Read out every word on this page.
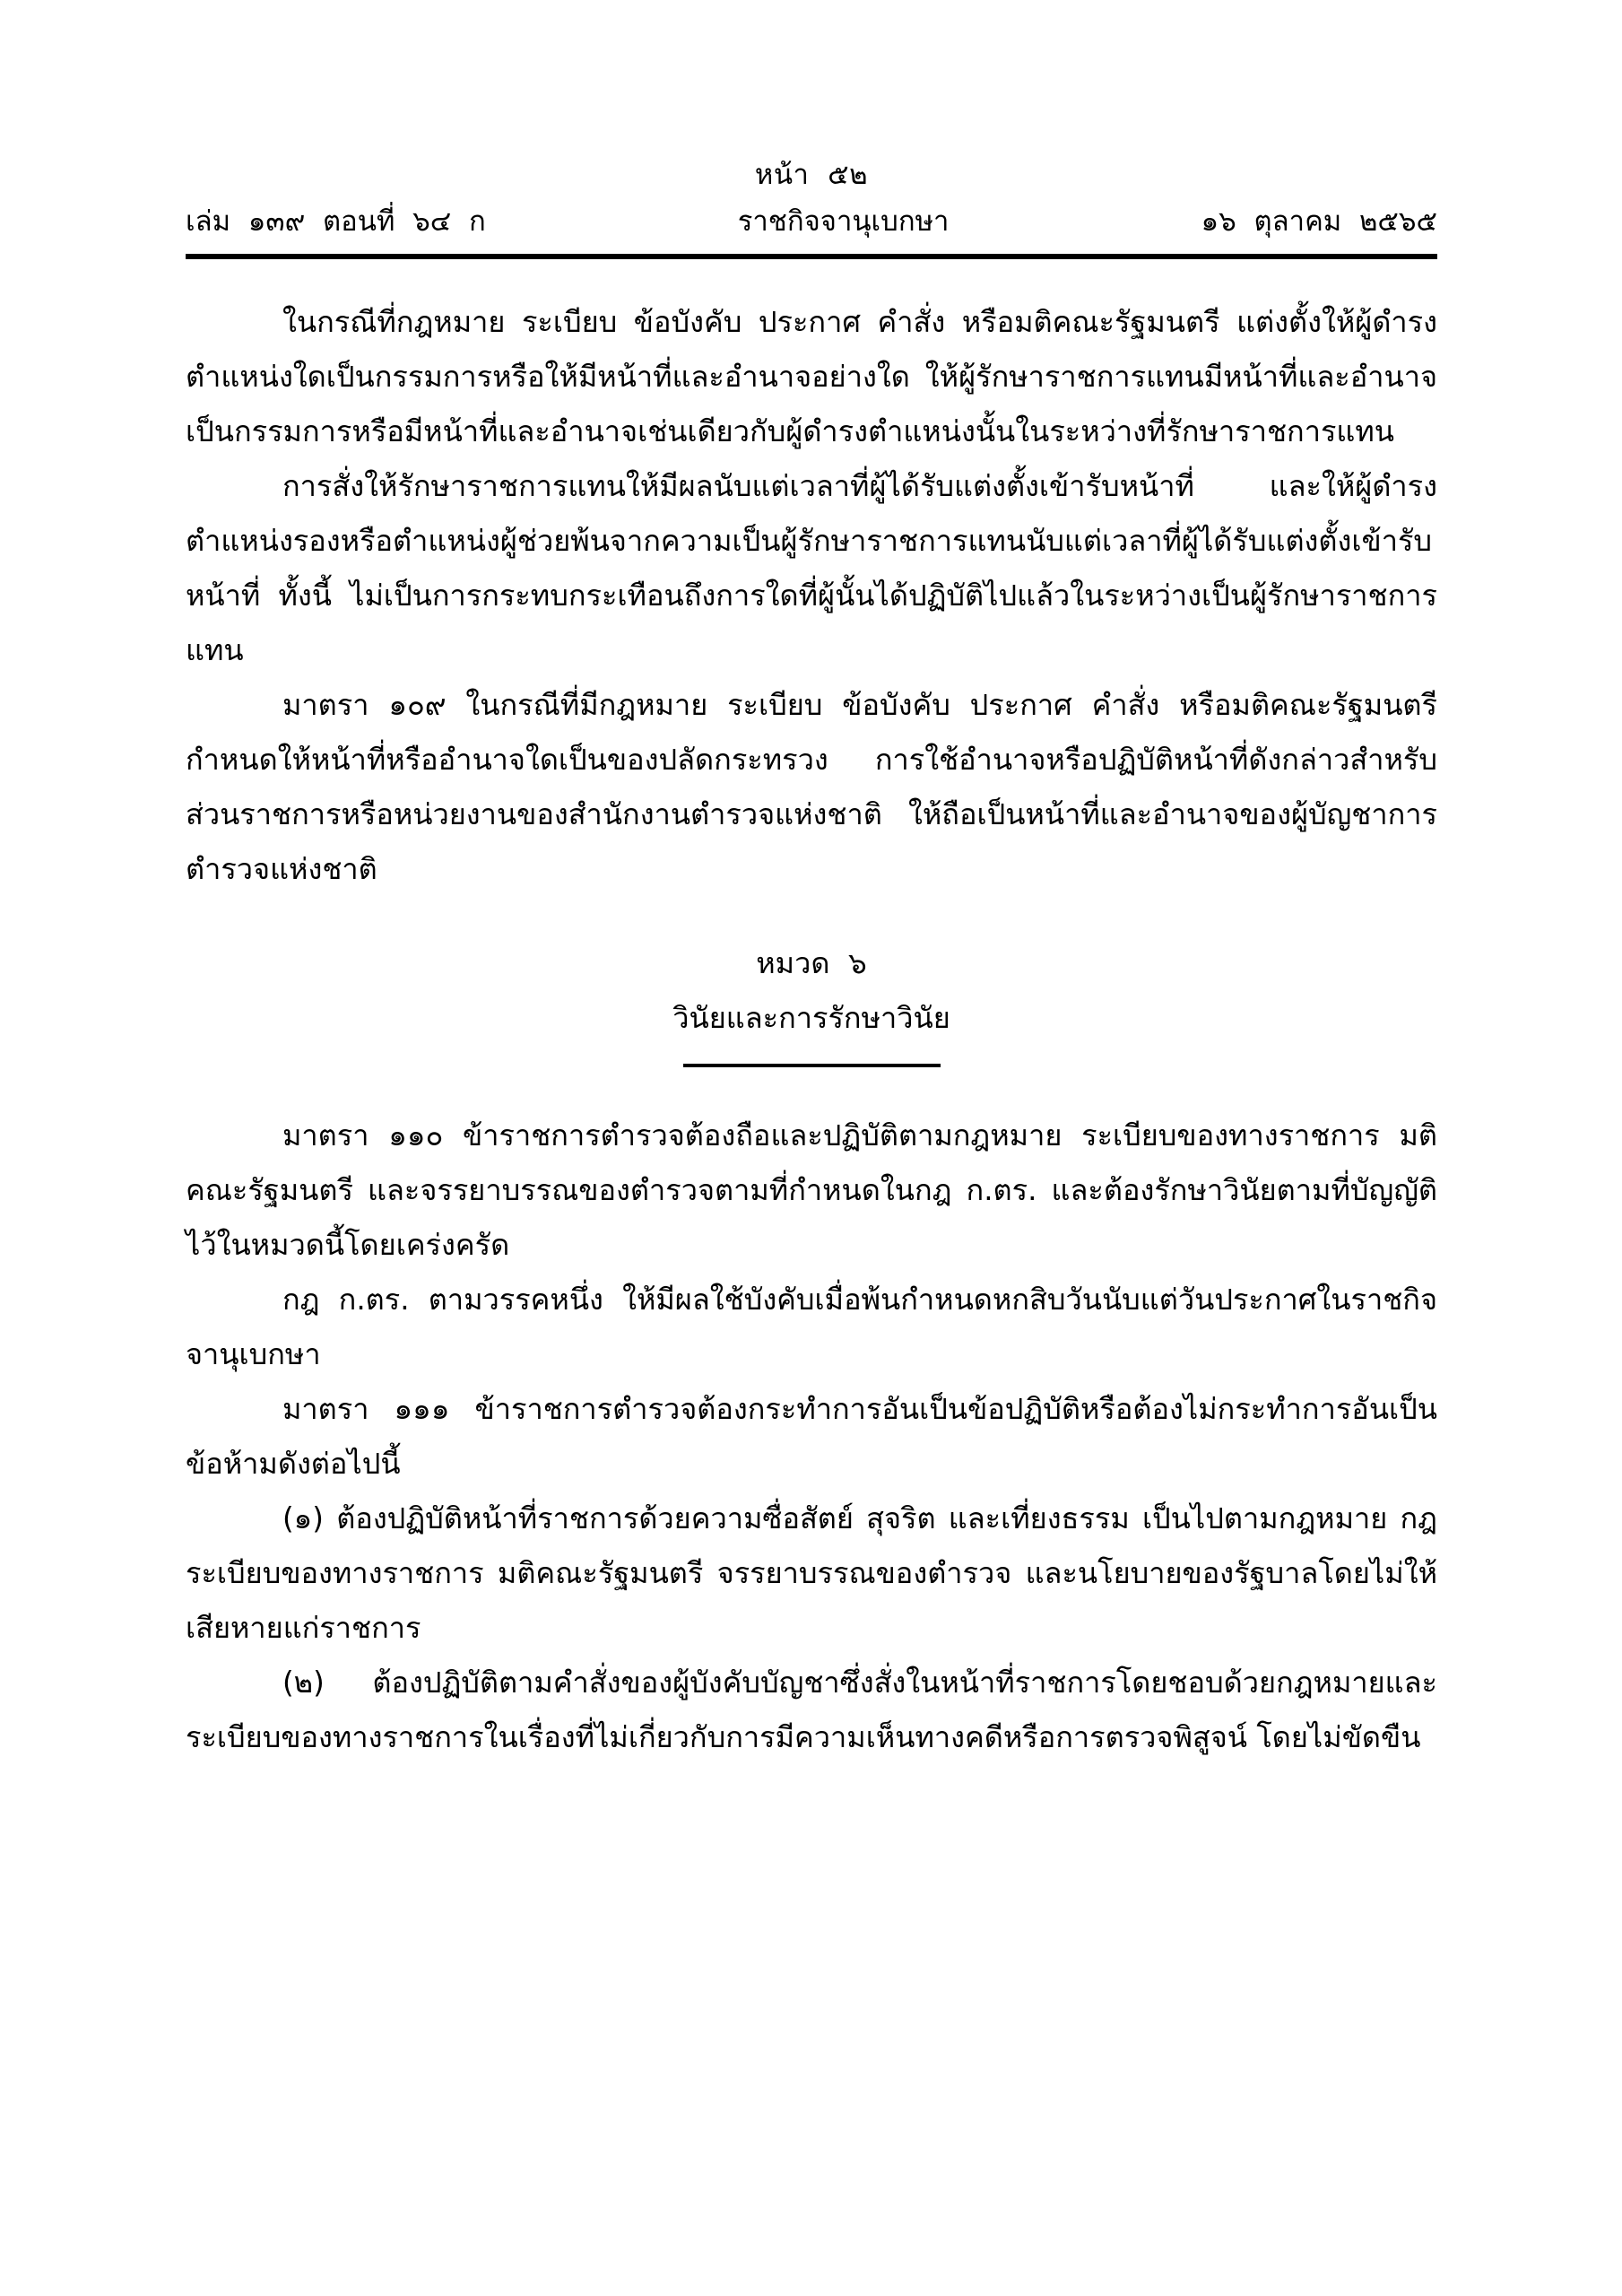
หน้า  ๕๒
เล่ม  ๑๓๙  ตอนที่  ๖๔  ก	ราชกิจจานุเบกษา	๑๖  ตุลาคม  ๒๕๖๕

ในกรณีที่กฎหมาย ระเบียบ ข้อบังคับ ประกาศ คำสั่ง หรือมติคณะรัฐมนตรี แต่งตั้งให้ผู้ดำรงตำแหน่งใดเป็นกรรมการหรือให้มีหน้าที่และอำนาจอย่างใด ให้ผู้รักษาราชการแทนมีหน้าที่และอำนาจเป็นกรรมการหรือมีหน้าที่และอำนาจเช่นเดียวกับผู้ดำรงตำแหน่งนั้นในระหว่างที่รักษาราชการแทน

การสั่งให้รักษาราชการแทนให้มีผลนับแต่เวลาที่ผู้ได้รับแต่งตั้งเข้ารับหน้าที่ และให้ผู้ดำรงตำแหน่งรองหรือตำแหน่งผู้ช่วยพ้นจากความเป็นผู้รักษาราชการแทนนับแต่เวลาที่ผู้ได้รับแต่งตั้งเข้ารับหน้าที่ ทั้งนี้ ไม่เป็นการกระทบกระเทือนถึงการใดที่ผู้นั้นได้ปฏิบัติไปแล้วในระหว่างเป็นผู้รักษาราชการแทน

มาตรา ๑๐๙ ในกรณีที่มีกฎหมาย ระเบียบ ข้อบังคับ ประกาศ คำสั่ง หรือมติคณะรัฐมนตรีกำหนดให้หน้าที่หรืออำนาจใดเป็นของปลัดกระทรวง การใช้อำนาจหรือปฏิบัติหน้าที่ดังกล่าวสำหรับส่วนราชการหรือหน่วยงานของสำนักงานตำรวจแห่งชาติ ให้ถือเป็นหน้าที่และอำนาจของผู้บัญชาการตำรวจแห่งชาติ

หมวด  ๖
วินัยและการรักษาวินัย

มาตรา ๑๑๐ ข้าราชการตำรวจต้องถือและปฏิบัติตามกฎหมาย ระเบียบของทางราชการ มติคณะรัฐมนตรี และจรรยาบรรณของตำรวจตามที่กำหนดในกฎ ก.ตร. และต้องรักษาวินัยตามที่บัญญัติไว้ในหมวดนี้โดยเคร่งครัด

กฎ ก.ตร. ตามวรรคหนึ่ง ให้มีผลใช้บังคับเมื่อพ้นกำหนดหกสิบวันนับแต่วันประกาศในราชกิจจานุเบกษา

มาตรา ๑๑๑ ข้าราชการตำรวจต้องกระทำการอันเป็นข้อปฏิบัติหรือต้องไม่กระทำการอันเป็นข้อห้ามดังต่อไปนี้

(๑) ต้องปฏิบัติหน้าที่ราชการด้วยความซื่อสัตย์ สุจริต และเที่ยงธรรม เป็นไปตามกฎหมาย กฎ ระเบียบของทางราชการ มติคณะรัฐมนตรี จรรยาบรรณของตำรวจ และนโยบายของรัฐบาลโดยไม่ให้เสียหายแก่ราชการ

(๒) ต้องปฏิบัติตามคำสั่งของผู้บังคับบัญชาซึ่งสั่งในหน้าที่ราชการโดยชอบด้วยกฎหมายและระเบียบของทางราชการในเรื่องที่ไม่เกี่ยวกับการมีความเห็นทางคดีหรือการตรวจพิสูจน์ โดยไม่ขัดขืน
